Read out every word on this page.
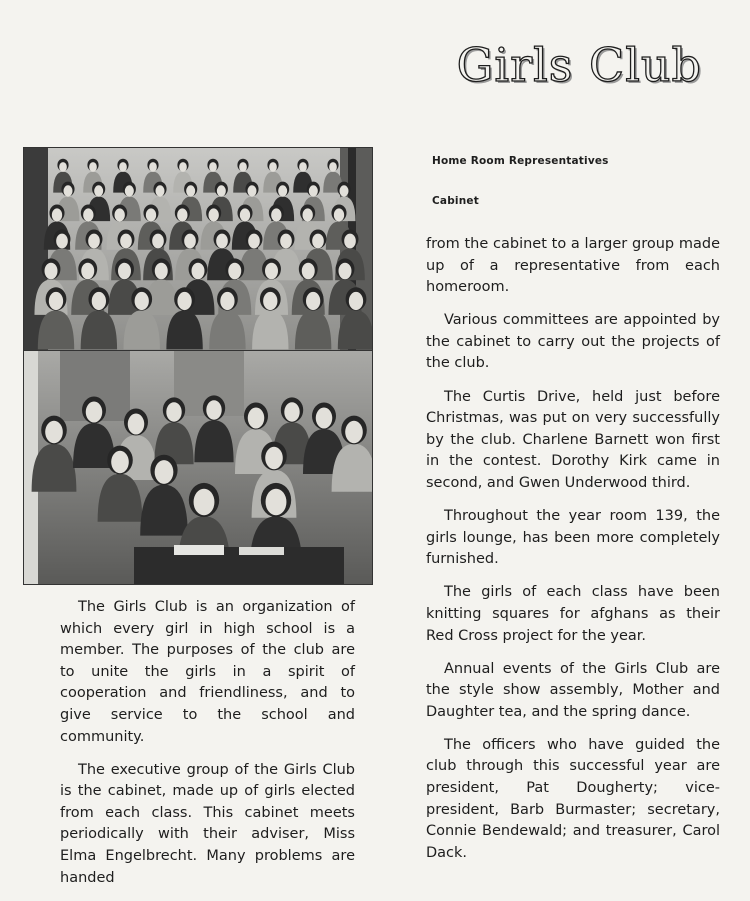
Girls Club
Home Room Representatives
Cabinet

The Girls Club is an organization of which every girl in high school is a member. The purposes of the club are to unite the girls in a spirit of cooperation and friendliness, and to give service to the school and community.

The executive group of the Girls Club is the cabinet, made up of girls elected from each class. This cabinet meets periodically with their adviser, Miss Elma Engelbrecht. Many problems are handed

from the cabinet to a larger group made up of a representative from each homeroom.

Various committees are appointed by the cabinet to carry out the projects of the club.

The Curtis Drive, held just before Christmas, was put on very successfully by the club. Charlene Barnett won first in the contest. Dorothy Kirk came in second, and Gwen Underwood third.

Throughout the year room 139, the girls lounge, has been more completely furnished.

The girls of each class have been knitting squares for afghans as their Red Cross project for the year.

Annual events of the Girls Club are the style show assembly, Mother and Daughter tea, and the spring dance.

The officers who have guided the club through this successful year are president, Pat Dougherty; vice-president, Barb Burmaster; secretary, Connie Bendewald; and treasurer, Carol Dack.
